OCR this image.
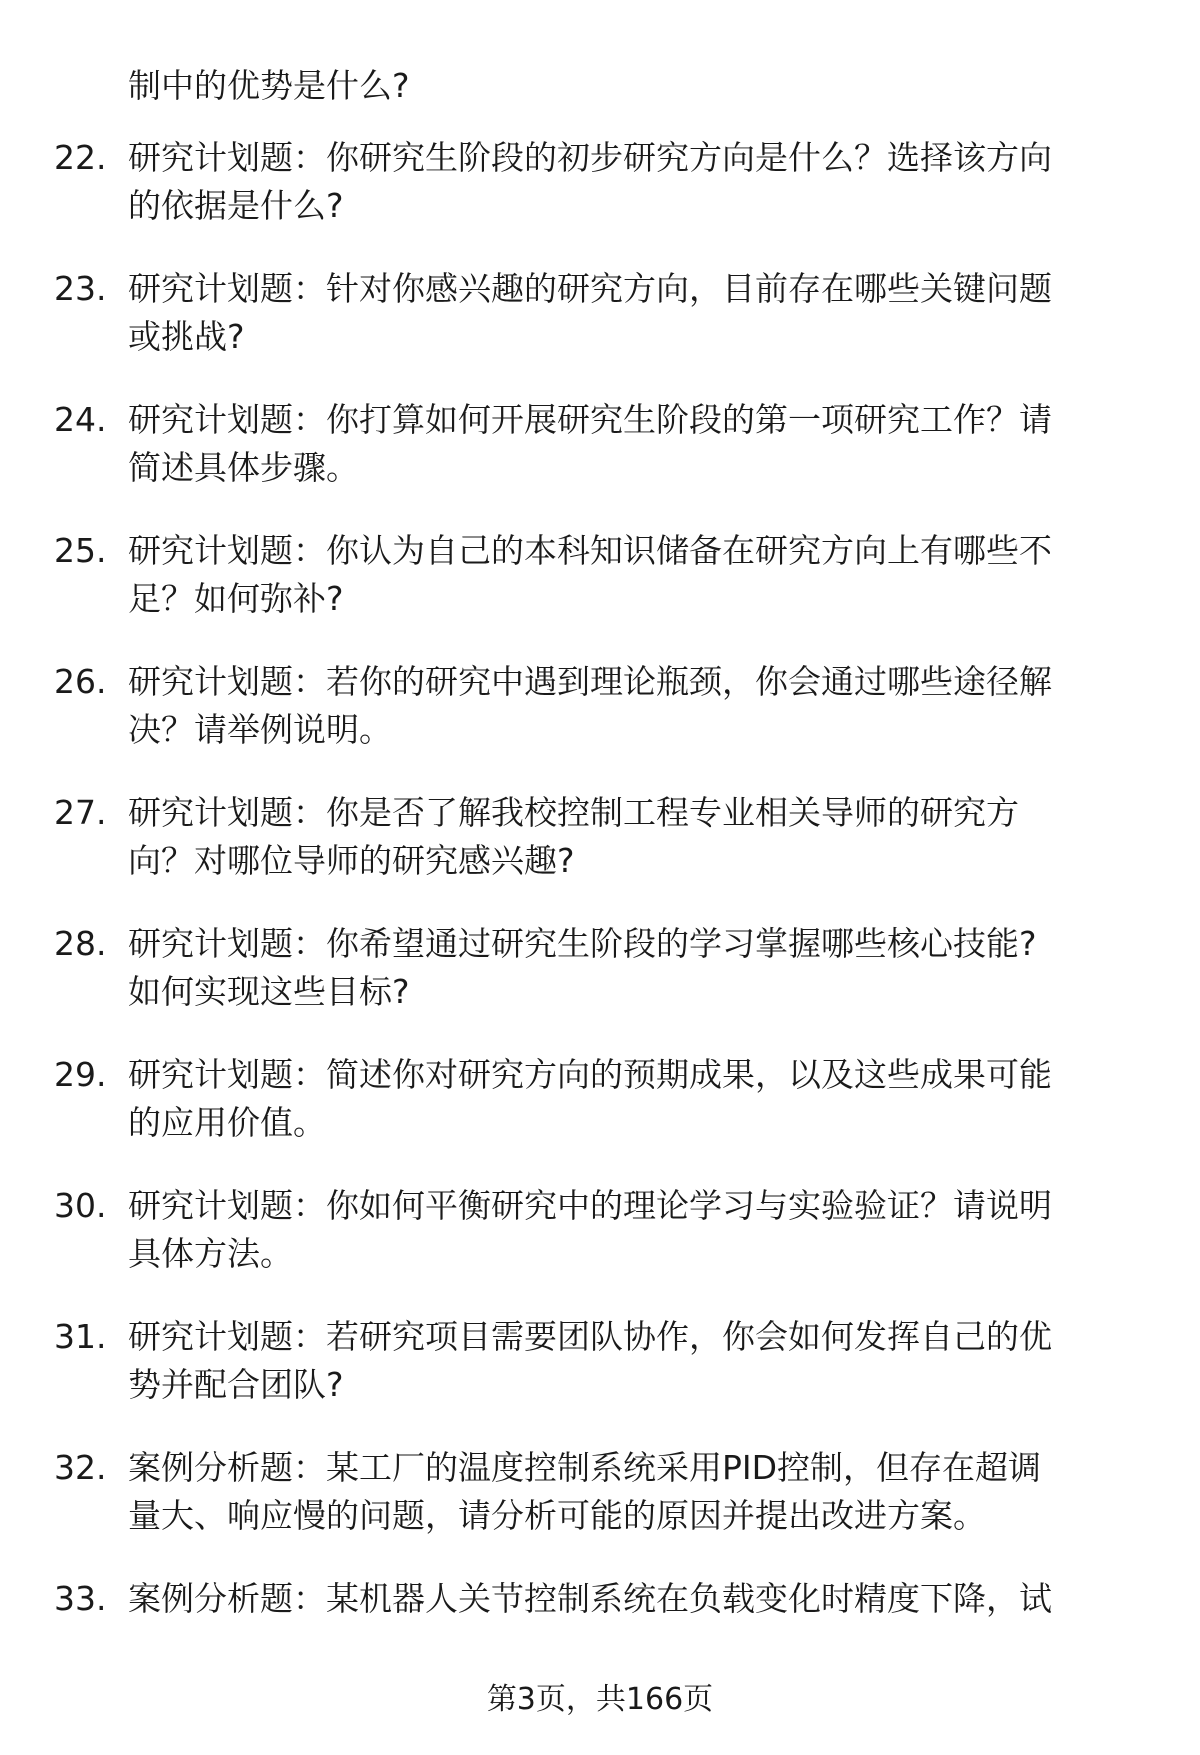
制中的优势是什么?
22. 研究计划题：你研究生阶段的初步研究方向是什么？选择该方向
的依据是什么?
23. 研究计划题：针对你感兴趣的研究方向，目前存在哪些关键问题
或挑战?
24. 研究计划题：你打算如何开展研究生阶段的第一项研究工作？请
简述具体步骤。
25. 研究计划题：你认为自己的本科知识储备在研究方向上有哪些不
足？如何弥补?
26. 研究计划题：若你的研究中遇到理论瓶颈，你会通过哪些途径解
决？请举例说明。
27. 研究计划题：你是否了解我校控制工程专业相关导师的研究方
向？对哪位导师的研究感兴趣?
28. 研究计划题：你希望通过研究生阶段的学习掌握哪些核心技能?
如何实现这些目标?
29. 研究计划题：简述你对研究方向的预期成果，以及这些成果可能
的应用价值。
30. 研究计划题：你如何平衡研究中的理论学习与实验验证？请说明
具体方法。
31. 研究计划题：若研究项目需要团队协作，你会如何发挥自己的优
势并配合团队?
32. 案例分析题：某工厂的温度控制系统采用PID控制，但存在超调
量大、响应慢的问题，请分析可能的原因并提出改进方案。
33. 案例分析题：某机器人关节控制系统在负载变化时精度下降，试
第3页，共166页
